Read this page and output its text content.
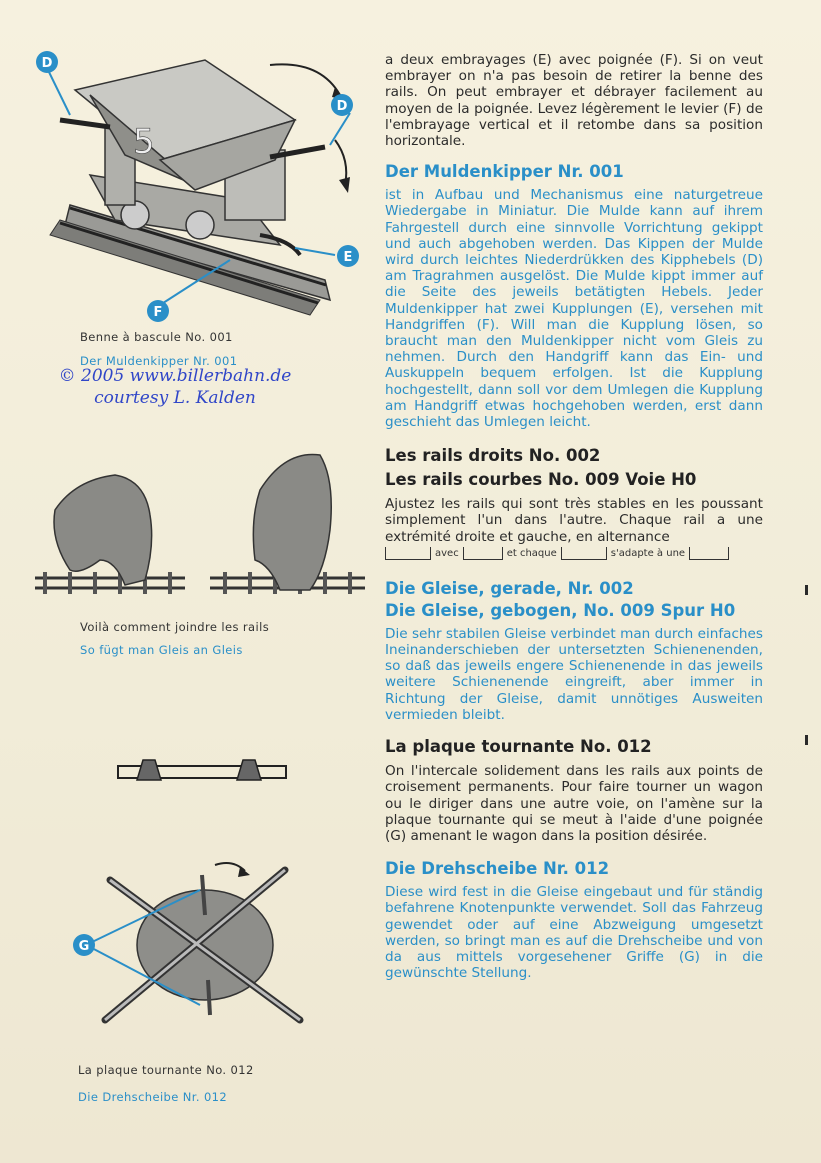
5
D
D
E
F
Benne à bascule No. 001
Der Muldenkipper Nr. 001
© 2005 www.billerbahn.de
courtesy L. Kalden
Voilà comment joindre les rails
So fügt man Gleis an Gleis
G
La plaque tournante No. 012
Die Drehscheibe Nr. 012

a deux embrayages (E) avec poignée (F). Si on veut embrayer on n'a pas besoin de retirer la benne des rails. On peut embrayer et débrayer facilement au moyen de la poignée. Levez légèrement le levier (F) de l'embrayage vertical et il retombe dans sa position horizontale.

Der Muldenkipper Nr. 001

ist in Aufbau und Mechanismus eine naturgetreue Wiedergabe in Miniatur. Die Mulde kann auf ihrem Fahrgestell durch eine sinnvolle Vorrichtung gekippt und auch abgehoben werden. Das Kippen der Mulde wird durch leichtes Niederdrükken des Kipphebels (D) am Tragrahmen ausgelöst. Die Mulde kippt immer auf die Seite des jeweils betätigten Hebels. Jeder Muldenkipper hat zwei Kupplungen (E), versehen mit Handgriffen (F). Will man die Kupplung lösen, so braucht man den Muldenkipper nicht vom Gleis zu nehmen. Durch den Handgriff kann das Ein- und Auskuppeln bequem erfolgen. Ist die Kupplung hochgestellt, dann soll vor dem Umlegen die Kupplung am Handgriff etwas hochgehoben werden, erst dann geschieht das Umlegen leicht.

Les rails droits No. 002
Les rails courbes No. 009 Voie H0

Ajustez les rails qui sont très stables en les poussant simplement l'un dans l'autre. Chaque rail a une extrémité droite et gauche, en alternance

avec	et chaque	s'adapte à une
Die Gleise, gerade, Nr. 002
Die Gleise, gebogen, No. 009 Spur H0

Die sehr stabilen Gleise verbindet man durch einfaches Ineinanderschieben der untersetzten Schienenenden, so daß das jeweils engere Schienenende in das jeweils weitere Schienenende eingreift, aber immer in Richtung der Gleise, damit unnötiges Ausweiten vermieden bleibt.

La plaque tournante No. 012

On l'intercale solidement dans les rails aux points de croisement permanents. Pour faire tourner un wagon ou le diriger dans une autre voie, on l'amène sur la plaque tournante qui se meut à l'aide d'une poignée (G) amenant le wagon dans la position désirée.

Die Drehscheibe Nr. 012

Diese wird fest in die Gleise eingebaut und für ständig befahrene Knotenpunkte verwendet. Soll das Fahrzeug gewendet oder auf eine Abzweigung umgesetzt werden, so bringt man es auf die Drehscheibe und von da aus mittels vorgesehener Griffe (G) in die gewünschte Stellung.
